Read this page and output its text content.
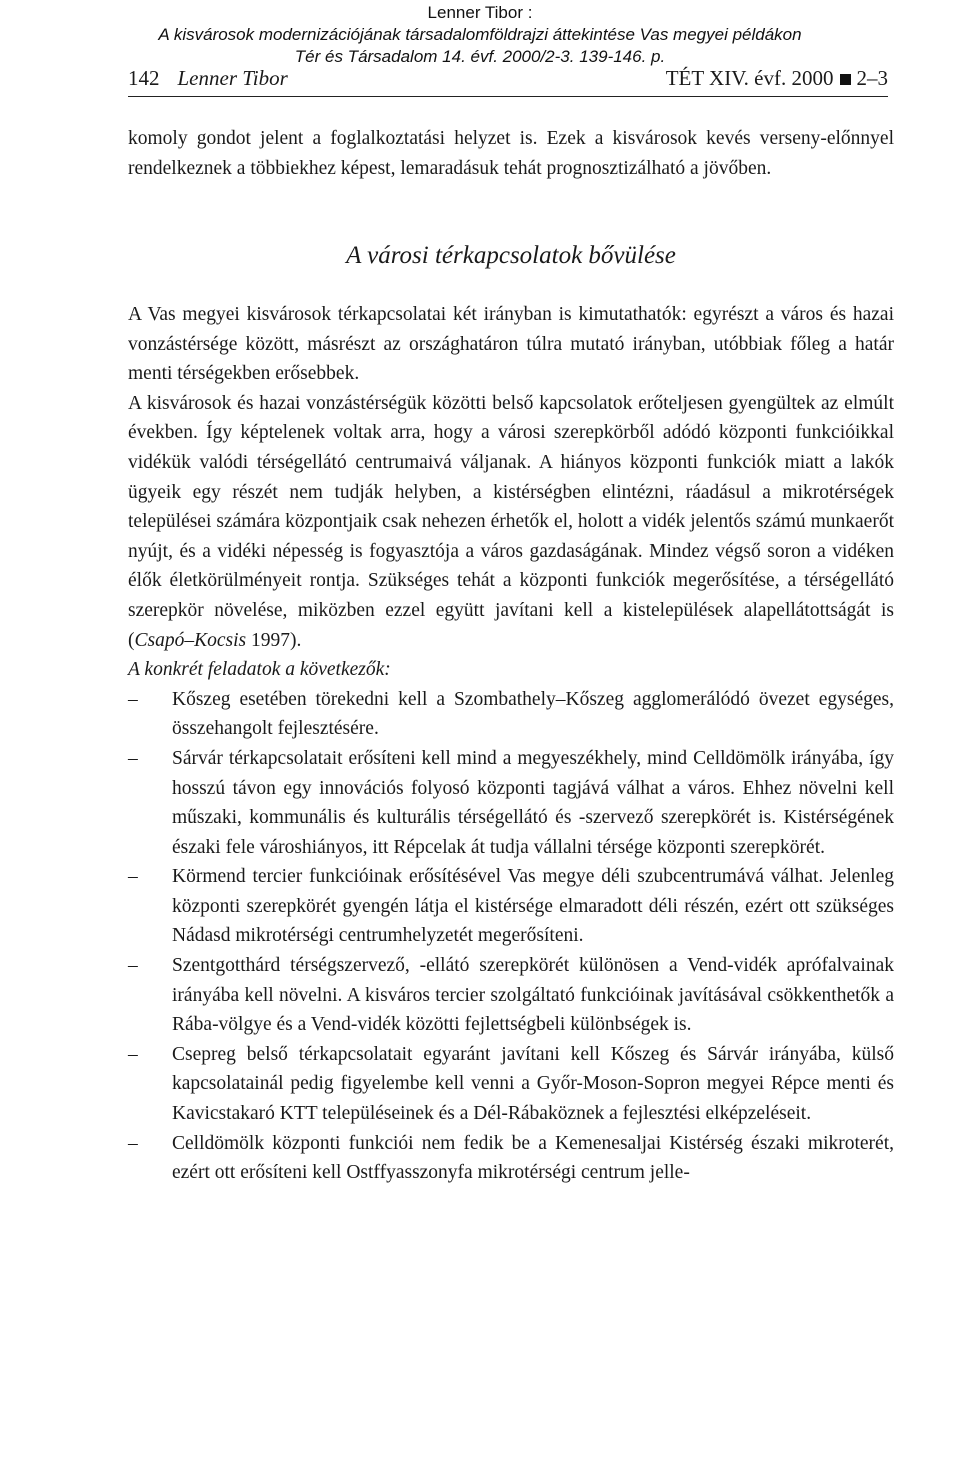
Lenner Tibor :
A kisvárosok modernizációjának társadalomföldrajzi áttekintése Vas megyei példákon
Tér és Társadalom 14. évf. 2000/2-3. 139-146. p.
142 Lenner Tibor	TÉT XIV. évf. 2000 2–3

komoly gondot jelent a foglalkoztatási helyzet is. Ezek a kisvárosok kevés verseny-előnnyel rendelkeznek a többiekhez képest, lemaradásuk tehát prognosztizálható a jövőben.

A városi térkapcsolatok bővülése

A Vas megyei kisvárosok térkapcsolatai két irányban is kimutathatók: egyrészt a város és hazai vonzástérsége között, másrészt az országhatáron túlra mutató irányban, utóbbiak főleg a határ menti térségekben erősebbek.

A kisvárosok és hazai vonzástérségük közötti belső kapcsolatok erőteljesen gyengültek az elmúlt években. Így képtelenek voltak arra, hogy a városi szerepkörből adódó központi funkcióikkal vidékük valódi térségellátó centrumaivá váljanak. A hiányos központi funkciók miatt a lakók ügyeik egy részét nem tudják helyben, a kistérségben elintézni, ráadásul a mikrotérségek települései számára központjaik csak nehezen érhetők el, holott a vidék jelentős számú munkaerőt nyújt, és a vidéki népesség is fogyasztója a város gazdaságának. Mindez végső soron a vidéken élők életkörülményeit rontja. Szükséges tehát a központi funkciók megerősítése, a térségellátó szerepkör növelése, miközben ezzel együtt javítani kell a kistelepülések alapellátottságát is (Csapó–Kocsis 1997).

A konkrét feladatok a következők:

– Kőszeg esetében törekedni kell a Szombathely–Kőszeg agglomerálódó övezet egységes, összehangolt fejlesztésére.
– Sárvár térkapcsolatait erősíteni kell mind a megyeszékhely, mind Celldömölk irányába, így hosszú távon egy innovációs folyosó központi tagjává válhat a város. Ehhez növelni kell műszaki, kommunális és kulturális térségellátó és -szervező szerepkörét is. Kistérségének északi fele városhiányos, itt Répcelak át tudja vállalni térsége központi szerepkörét.
– Körmend tercier funkcióinak erősítésével Vas megye déli szubcentrumává válhat. Jelenleg központi szerepkörét gyengén látja el kistérsége elmaradott déli részén, ezért ott szükséges Nádasd mikrotérségi centrumhelyzetét megerősíteni.
– Szentgotthárd térségszervező, -ellátó szerepkörét különösen a Vend-vidék aprófalvainak irányába kell növelni. A kisváros tercier szolgáltató funkcióinak javításával csökkenthetők a Rába-völgye és a Vend-vidék közötti fejlettségbeli különbségek is.
– Csepreg belső térkapcsolatait egyaránt javítani kell Kőszeg és Sárvár irányába, külső kapcsolatainál pedig figyelembe kell venni a Győr-Moson-Sopron megyei Répce menti és Kavicstakaró KTT településeinek és a Dél-Rábaköznek a fejlesztési elképzeléseit.
– Celldömölk központi funkciói nem fedik be a Kemenesaljai Kistérség északi mikroterét, ezért ott erősíteni kell Ostffyasszonyfa mikrotérségi centrum jelle-
